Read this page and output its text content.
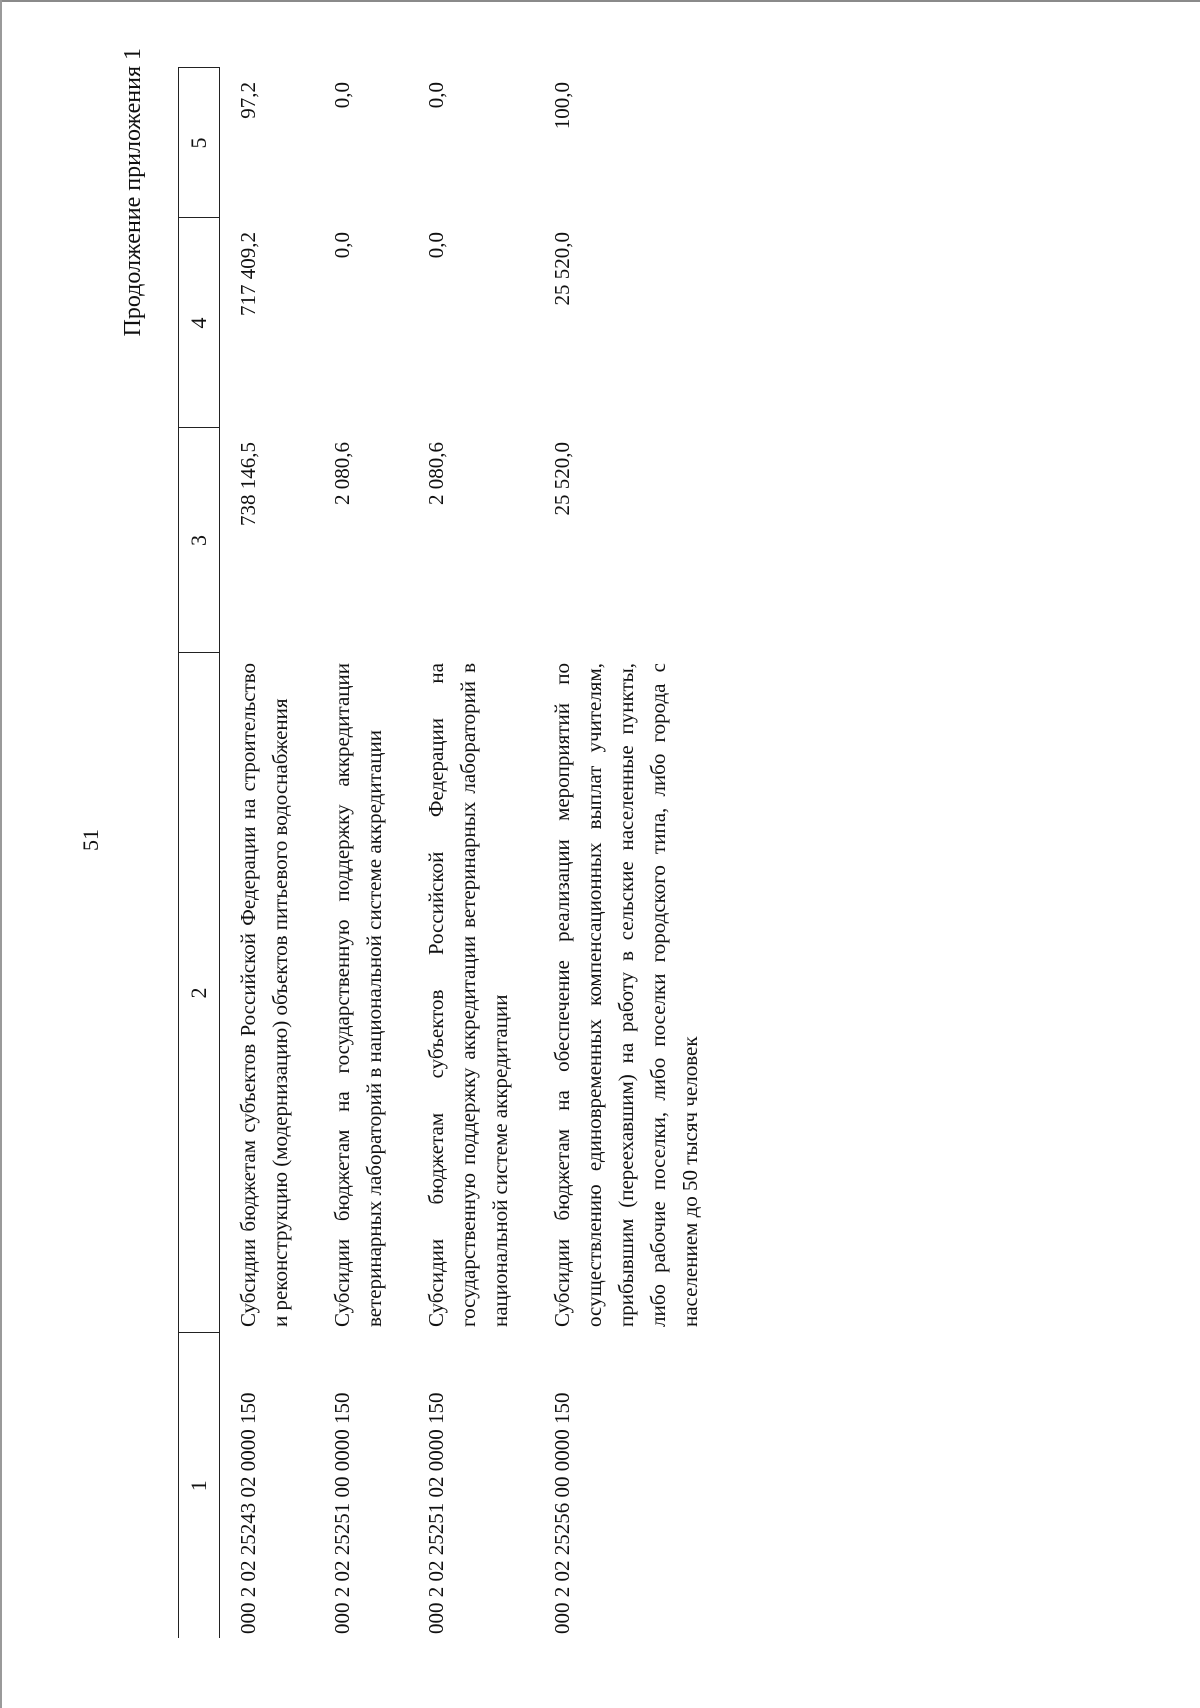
51
Продолжение приложения 1
1	2	3	4	5
000 2 02 25243 02 0000 150	Субсидии бюджетам субъектов Российской Федерации на строительство и реконструкцию (модернизацию) объектов питьевого водоснабжения	738 146,5	717 409,2	97,2
000 2 02 25251 00 0000 150	Субсидии бюджетам на государственную поддержку аккредитации ветеринарных лабораторий в национальной системе аккредитации	2 080,6	0,0	0,0
000 2 02 25251 02 0000 150	Субсидии бюджетам субъектов Российской Федерации на государственную поддержку аккредитации ветеринарных лабораторий в национальной системе аккредитации	2 080,6	0,0	0,0
000 2 02 25256 00 0000 150	Субсидии бюджетам на обеспечение реализации мероприятий по осуществлению единовременных компенсационных выплат учителям, прибывшим (переехавшим) на работу в сельские населенные пункты, либо рабочие поселки, либо поселки городского типа, либо города с населением до 50 тысяч человек	25 520,0	25 520,0	100,0
